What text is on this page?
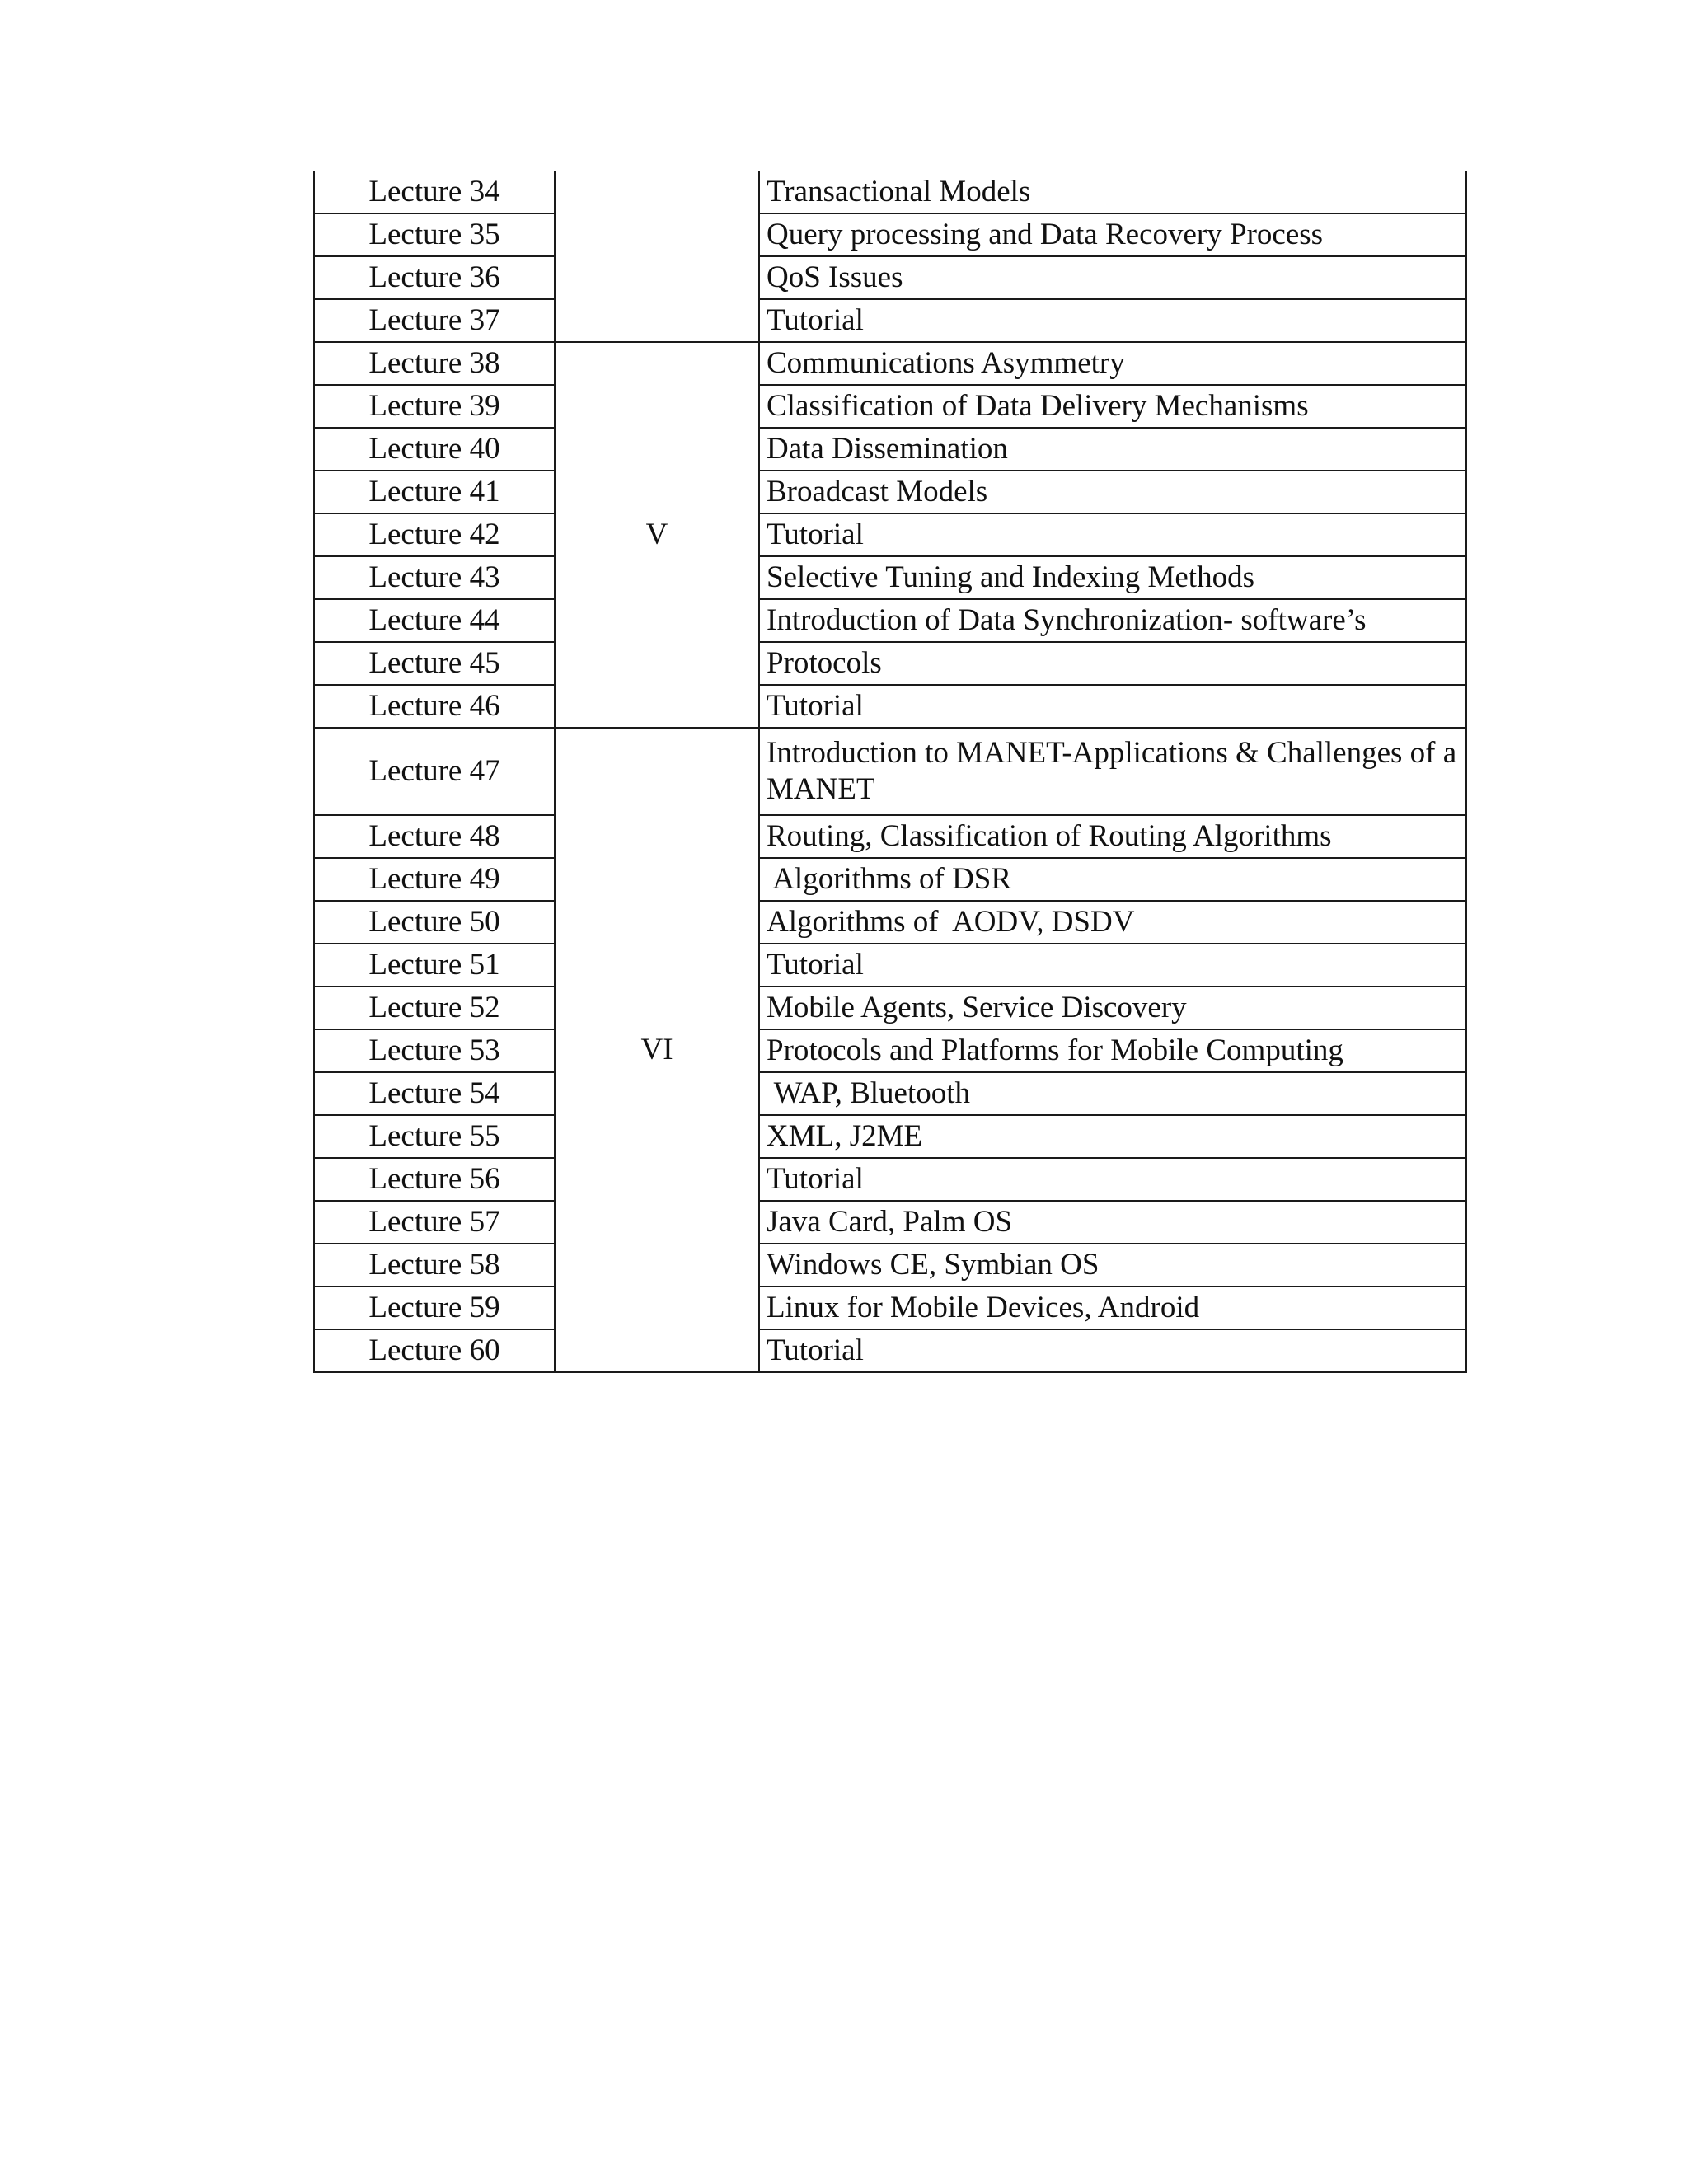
Lecture 34		Transactional Models
Lecture 35		Query processing and Data Recovery Process
Lecture 36		QoS Issues
Lecture 37		Tutorial
Lecture 38	V	Communications Asymmetry
Lecture 39		Classification of Data Delivery Mechanisms
Lecture 40		Data Dissemination
Lecture 41		Broadcast Models
Lecture 42		Tutorial
Lecture 43		Selective Tuning and Indexing Methods
Lecture 44		Introduction of Data Synchronization- software’s
Lecture 45		Protocols
Lecture 46		Tutorial
Lecture 47	VI	Introduction to MANET-Applications & Challenges of a MANET
Lecture 48		Routing, Classification of Routing Algorithms
Lecture 49		Algorithms of DSR
Lecture 50		Algorithms of  AODV, DSDV
Lecture 51		Tutorial
Lecture 52		Mobile Agents, Service Discovery
Lecture 53		Protocols and Platforms for Mobile Computing
Lecture 54		WAP, Bluetooth
Lecture 55		XML, J2ME
Lecture 56		Tutorial
Lecture 57		Java Card, Palm OS
Lecture 58		Windows CE, Symbian OS
Lecture 59		Linux for Mobile Devices, Android
Lecture 60		Tutorial
